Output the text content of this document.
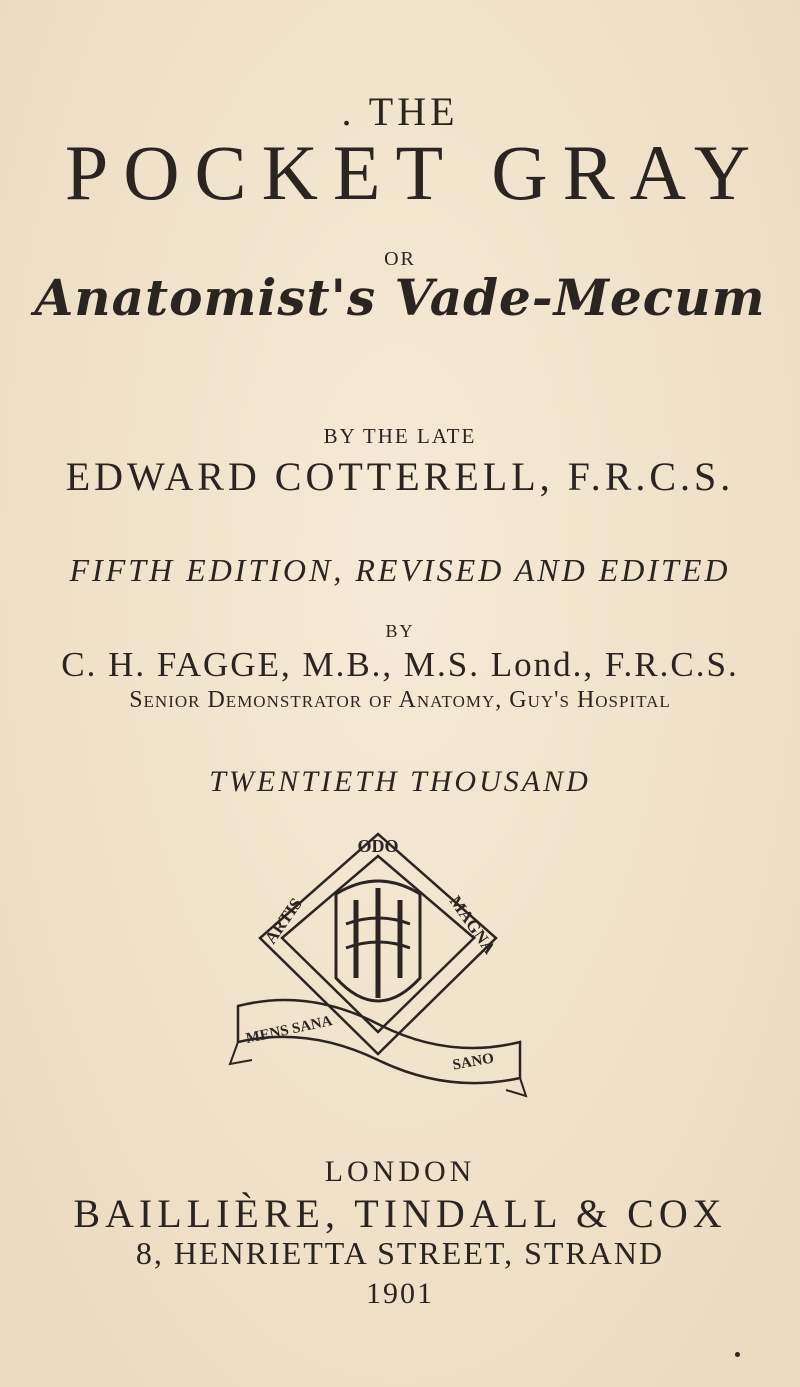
. THE
POCKET GRAY
OR
Anatomist's Vade-Mecum
BY THE LATE
EDWARD COTTERELL, F.R.C.S.
FIFTH EDITION, REVISED AND EDITED
BY
C. H. FAGGE, M.B., M.S. Lond., F.R.C.S.
Senior Demonstrator of Anatomy, Guy's Hospital
TWENTIETH THOUSAND
ODO
ARTIS	MAGNA
MENS SANA
SANO
LONDON
BAILLIÈRE, TINDALL & COX
8, HENRIETTA STREET, STRAND
1901
